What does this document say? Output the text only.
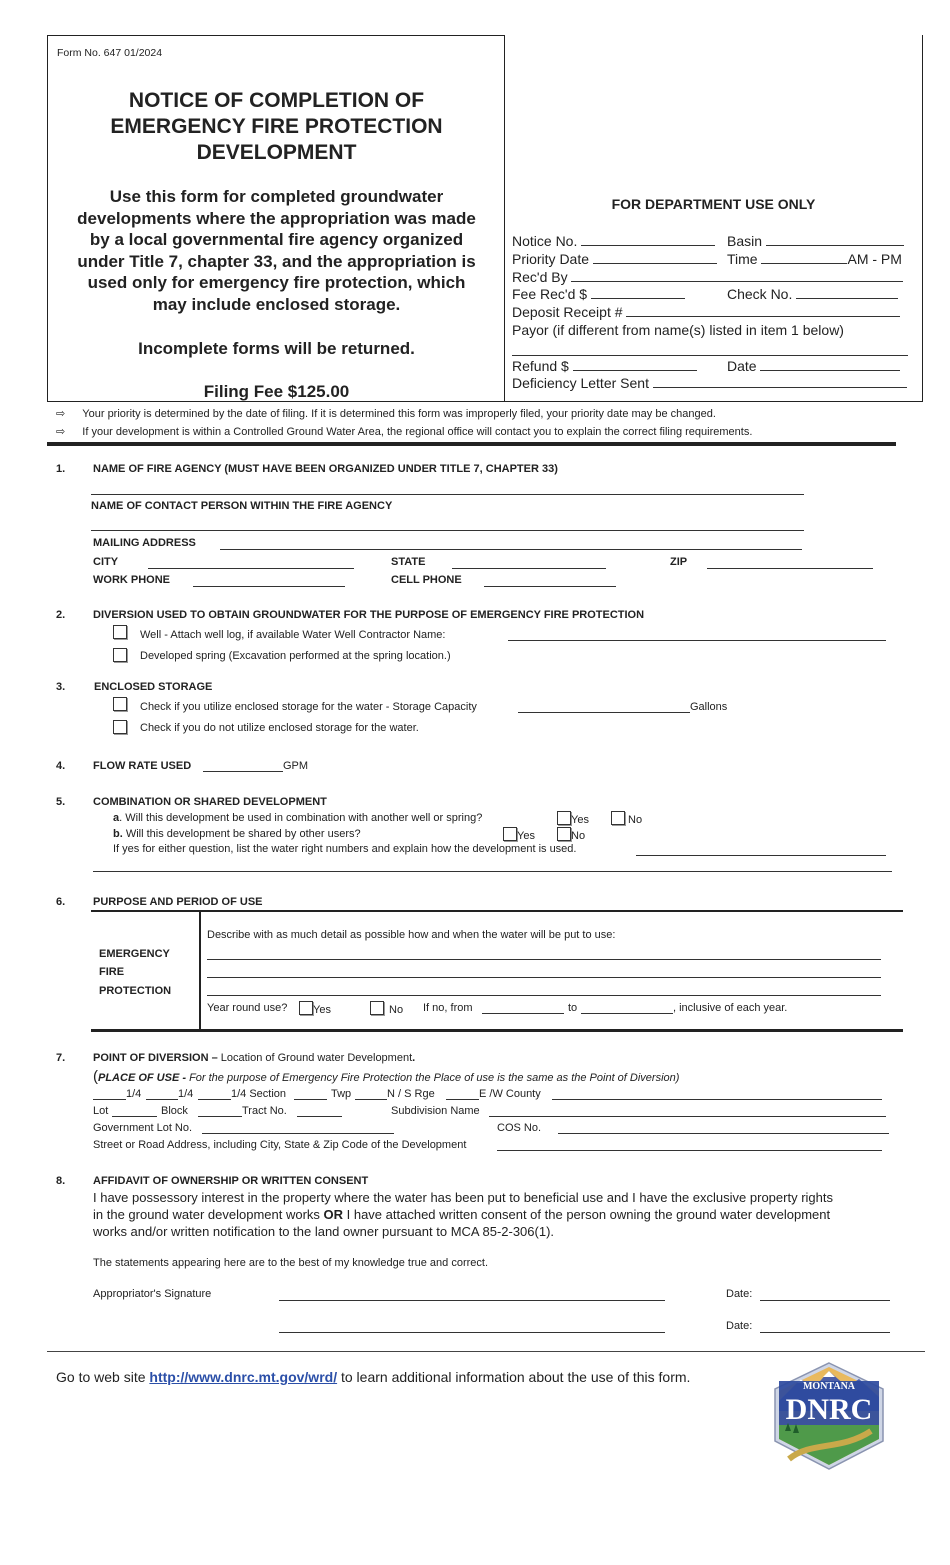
Form No. 647 01/2024
NOTICE OF COMPLETION OF
EMERGENCY FIRE PROTECTION
DEVELOPMENT
Use this form for completed groundwater
developments where the appropriation was made
by a local governmental fire agency organized
under Title 7, chapter 33, and the appropriation is
used only for emergency fire protection, which
may include enclosed storage.
Incomplete forms will be returned.
Filing Fee $125.00
FOR DEPARTMENT USE ONLY
Notice No.	Basin
Priority Date	Time	AM - PM
Rec'd By
Fee Rec'd $	Check No.
Deposit Receipt #
Payor (if different from name(s) listed in item 1 below)
Refund $	Date
Deficiency Letter Sent
⇨ Your priority is determined by the date of filing. If it is determined this form was improperly filed, your priority date may be changed.
⇨ If your development is within a Controlled Ground Water Area, the regional office will contact you to explain the correct filing requirements.
1.	NAME OF FIRE AGENCY (MUST HAVE BEEN ORGANIZED UNDER TITLE 7, CHAPTER 33)
NAME OF CONTACT PERSON WITHIN THE FIRE AGENCY
MAILING ADDRESS
CITY	STATE	ZIP
WORK PHONE	CELL PHONE
2.	DIVERSION USED TO OBTAIN GROUNDWATER FOR THE PURPOSE OF EMERGENCY FIRE PROTECTION
Well - Attach well log, if available Water Well Contractor Name:
Developed spring (Excavation performed at the spring location.)
3.	ENCLOSED STORAGE
Check if you utilize enclosed storage for the water - Storage Capacity	Gallons
Check if you do not utilize enclosed storage for the water.
4.	FLOW RATE USED	GPM
5.	COMBINATION OR SHARED DEVELOPMENT
a. Will this development be used in combination with another well or spring?	Yes	No
b. Will this development be shared by other users?	Yes	No
If yes for either question, list the water right numbers and explain how the development is used.
6.	PURPOSE AND PERIOD OF USE
EMERGENCY
FIRE
PROTECTION
Describe with as much detail as possible how and when the water will be put to use:
Year round use?	Yes	No If no, from	to	, inclusive of each year.
7.	POINT OF DIVERSION – Location of Ground water Development.
(PLACE OF USE - For the purpose of Emergency Fire Protection the Place of use is the same as the Point of Diversion)
1/4	1/4	1/4 Section	Twp	N / S Rge	E /W County
Lot	Block	Tract No.	Subdivision Name
Government Lot No.	COS No.
Street or Road Address, including City, State & Zip Code of the Development
8.	AFFIDAVIT OF OWNERSHIP OR WRITTEN CONSENT
I have possessory interest in the property where the water has been put to beneficial use and I have the exclusive property rights
in the ground water development works OR I have attached written consent of the person owning the ground water development
works and/or written notification to the land owner pursuant to MCA 85-2-306(1).
The statements appearing here are to the best of my knowledge true and correct.
Appropriator's Signature	Date:
Date:
Go to web site http://www.dnrc.mt.gov/wrd/ to learn additional information about the use of this form.
MONTANA
DNRC
